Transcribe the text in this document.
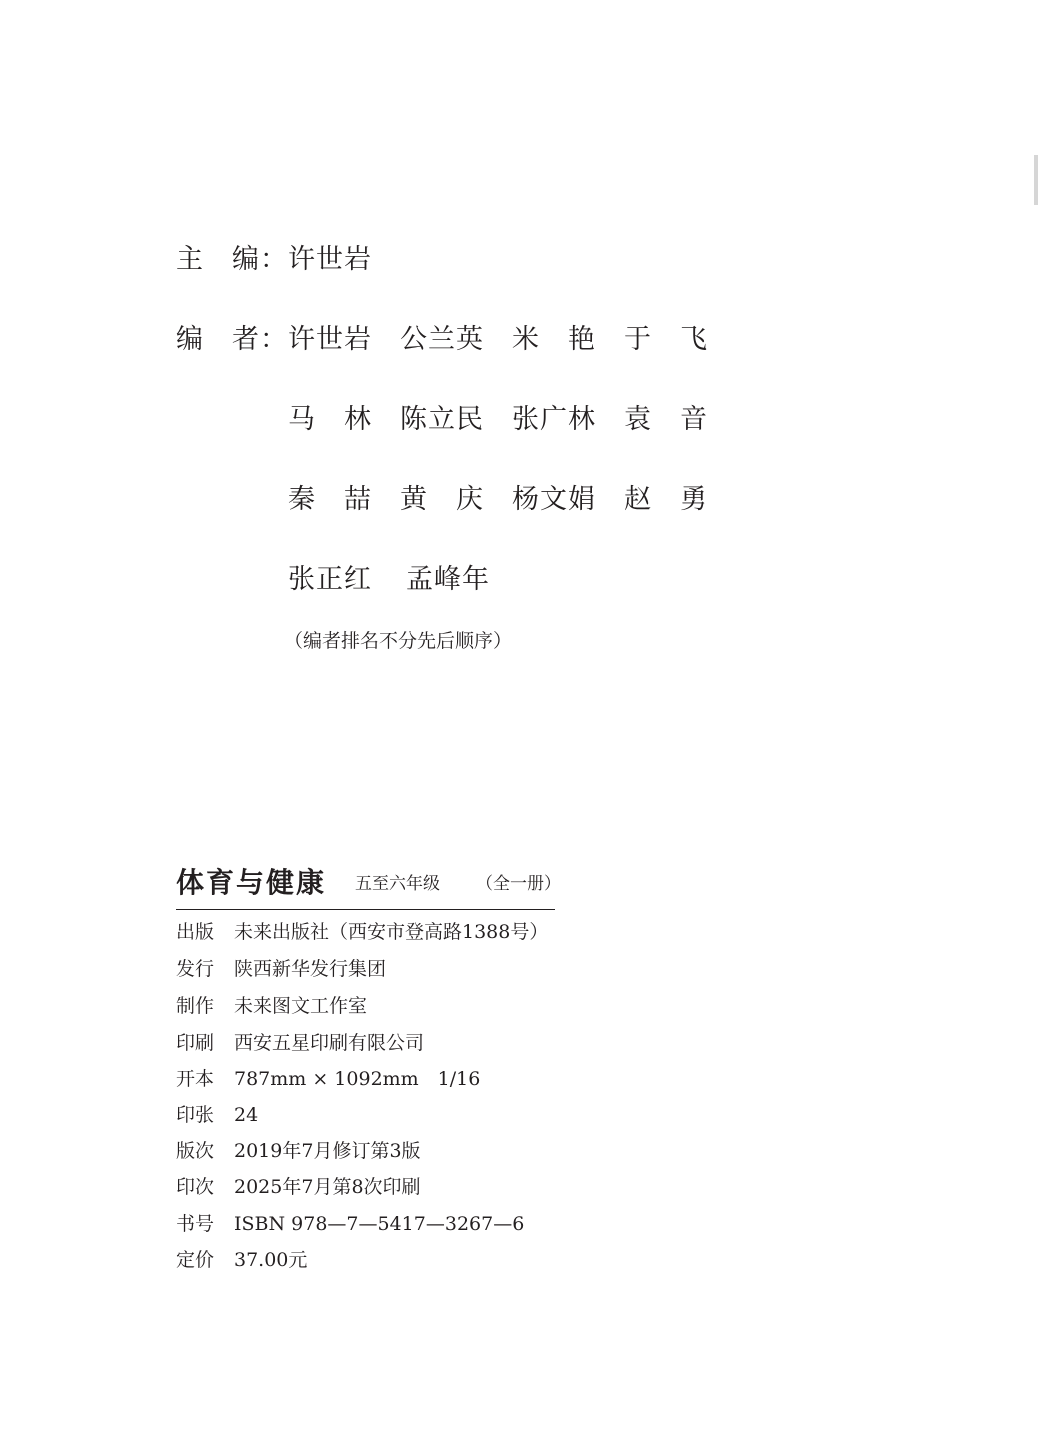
主　编： 许世岩
编　者： 许世岩 公兰英 米　艳 于　飞
马　林 陈立民 张广林 袁　音
秦　喆 黄　庆 杨文娟 赵　勇
张正红 孟峰年
（编者排名不分先后顺序）
体育与健康 五至六年级 （全一册）
出版 未来出版社（西安市登高路1388号）
发行 陕西新华发行集团
制作 未来图文工作室
印刷 西安五星印刷有限公司
开本 787mm × 1092mm　1/16
印张 24
版次 2019年7月修订第3版
印次 2025年7月第8次印刷
书号 ISBN 978—7—5417—3267—6
定价 37.00元
